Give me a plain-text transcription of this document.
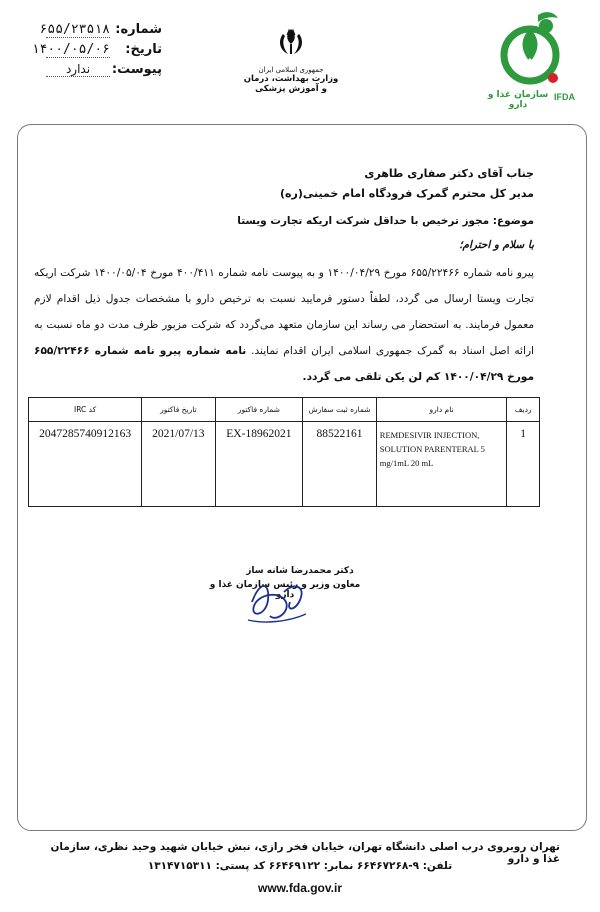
شماره:
۶۵۵/۲۳۵۱۸
تاریخ:
۱۴۰۰/۰۵/۰۶
پیوست:
ندارد	جمهوری اسلامی ایران
وزارت بهداشت، درمان
و آموزش پزشکی
سازمان غذا و دارو
IFDA
جناب آقای دکتر صفاری طاهری
مدیر کل محترم گمرک فرودگاه امام خمینی(ره)
موضوع: مجوز ترخیص با حداقل شرکت اریکه تجارت ویستا
با سلام و احترام؛
پیرو نامه شماره ۶۵۵/۲۲۴۶۶ مورخ ۱۴۰۰/۰۴/۲۹ و به پیوست نامه شماره ۴۰۰/۴۱۱ مورخ ۱۴۰۰/۰۵/۰۴ شرکت اریکه تجارت ویستا ارسال می گردد، لطفاً دستور فرمایید نسبت به ترخیص دارو با مشخصات جدول ذیل اقدام لازم معمول فرمایند. به استحضار می رساند این سازمان متعهد می‌گردد که شرکت مزبور ظرف مدت دو ماه نسبت به ارائه اصل اسناد به گمرک جمهوری اسلامی ایران اقدام نمایند. نامه شماره پیرو نامه شماره ۶۵۵/۲۲۴۶۶ مورخ ۱۴۰۰/۰۴/۲۹ کم لن یکن تلقی می گردد.
کد IRC	تاریخ فاکتور	شماره فاکتور	شماره ثبت سفارش	نام دارو	ردیف
2047285740912163	2021/07/13	EX-18962021	88522161	REMDESIVIR INJECTION, SOLUTION PARENTERAL 5 mg/1mL 20 mL	1
دکتر محمدرضا شانه ساز
معاون وزیر و رئیس سازمان غذا و دارو
تهران روبروی درب اصلی دانشگاه تهران، خیابان فخر رازی، نبش خیابان شهید وحید نظری، سازمان غذا و دارو
تلفن: ۹-۶۶۴۶۷۲۶۸ نمابر: ۶۶۴۶۹۱۲۲ کد پستی: ۱۳۱۴۷۱۵۳۱۱
www.fda.gov.ir
